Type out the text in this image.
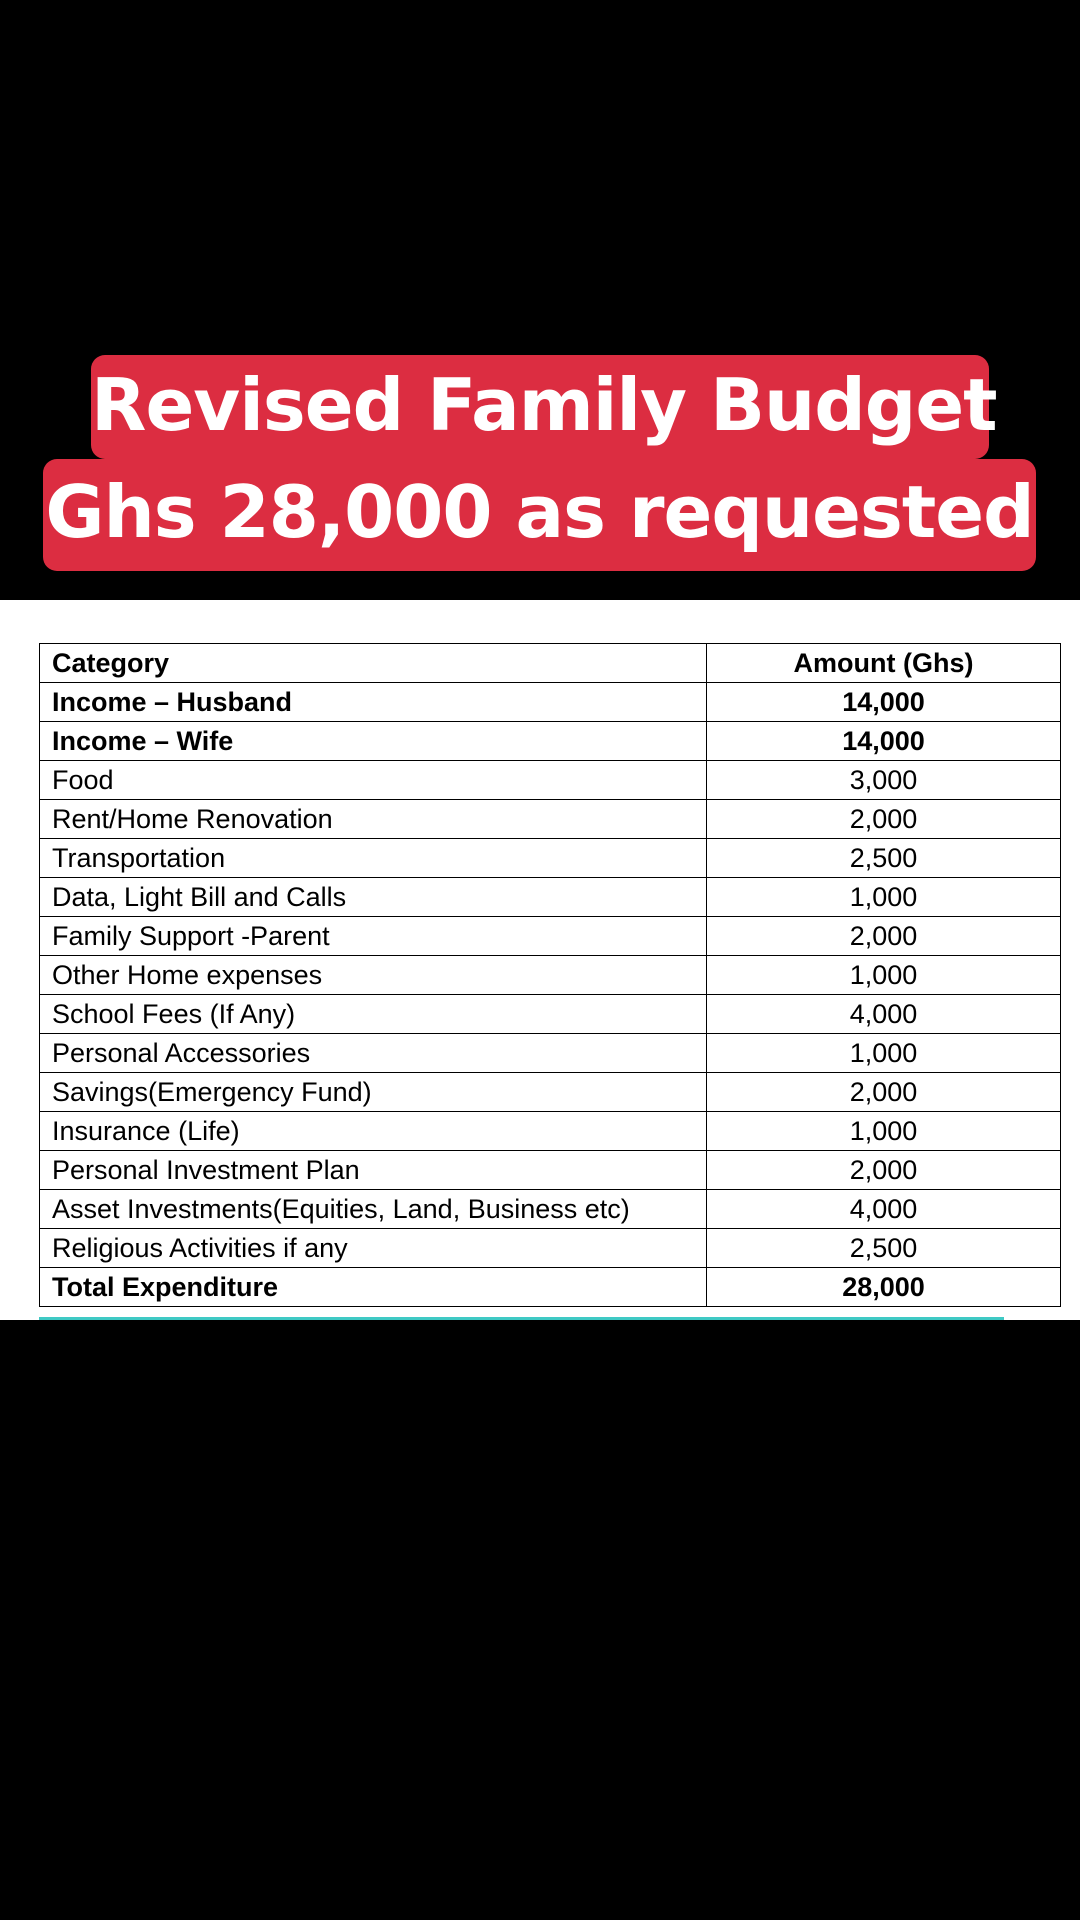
Revised Family Budget
Ghs 28,000 as requested
Category	Amount (Ghs)
Income – Husband	14,000
Income – Wife	14,000
Food	3,000
Rent/Home Renovation	2,000
Transportation	2,500
Data, Light Bill and Calls	1,000
Family Support -Parent	2,000
Other Home expenses	1,000
School Fees (If Any)	4,000
Personal Accessories	1,000
Savings(Emergency Fund)	2,000
Insurance (Life)	1,000
Personal Investment Plan	2,000
Asset Investments(Equities, Land, Business etc)	4,000
Religious Activities if any	2,500
Total Expenditure	28,000
